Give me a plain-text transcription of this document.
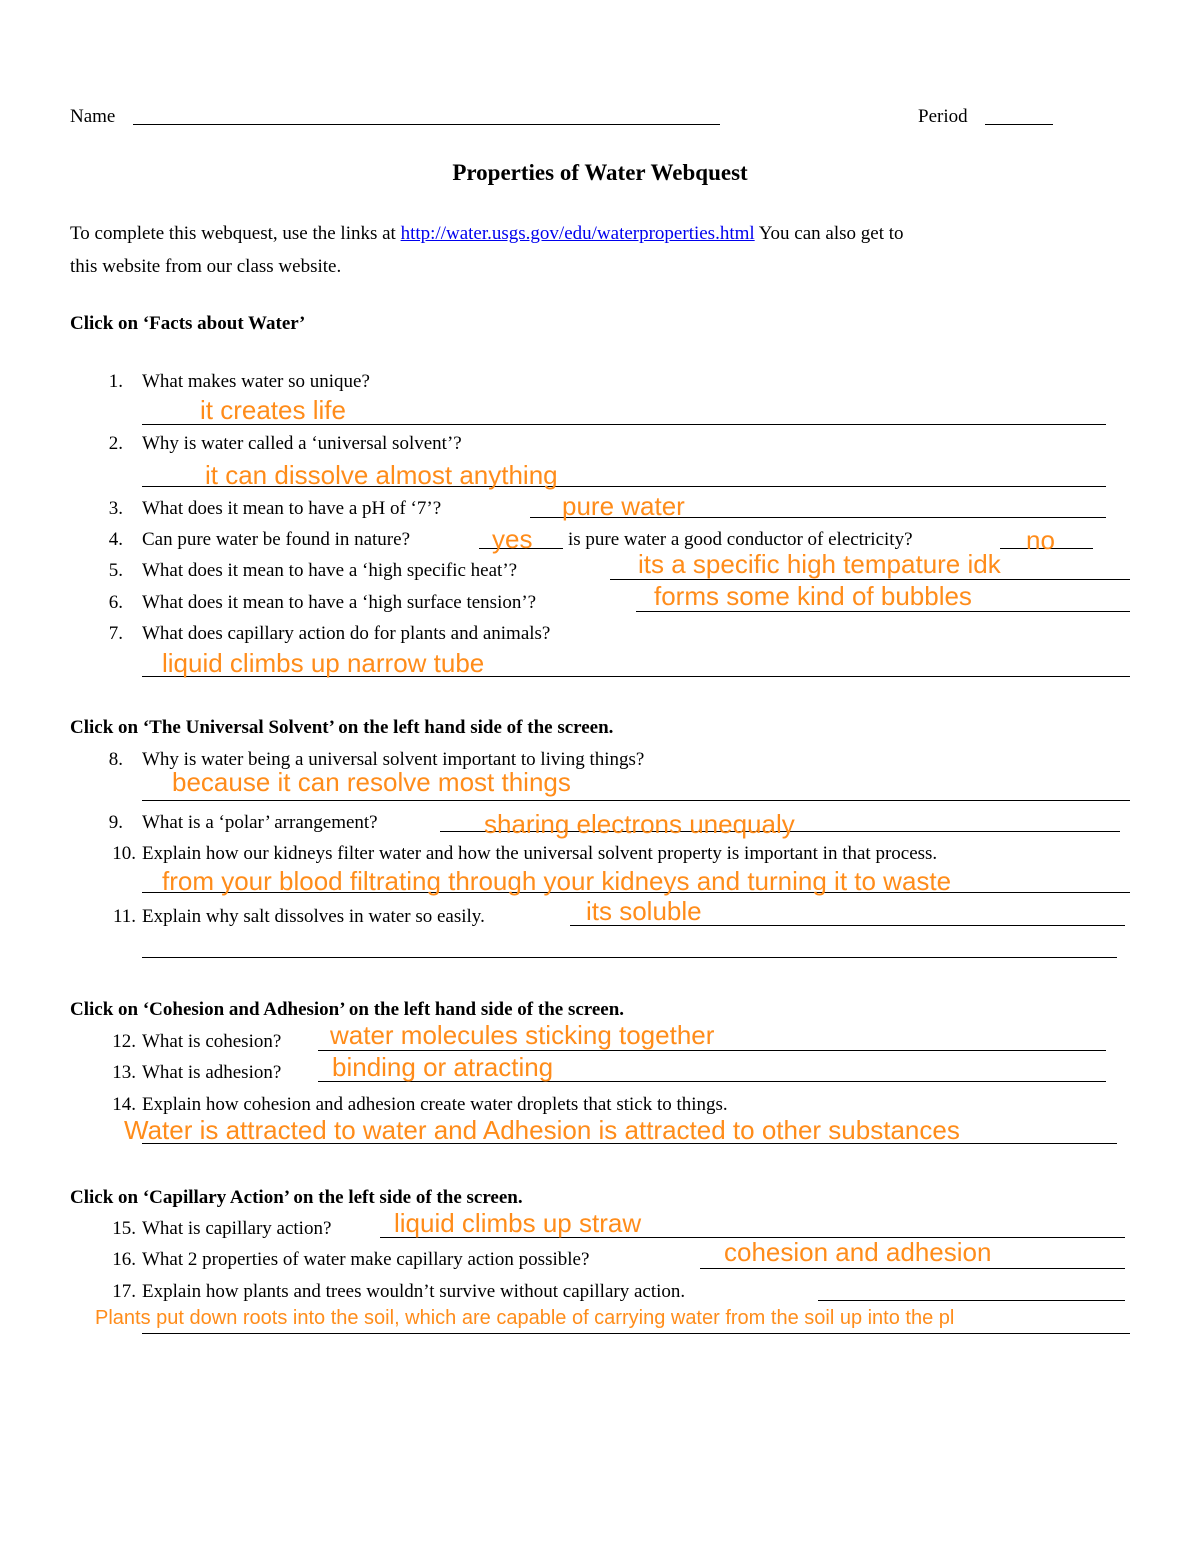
Name	Period
Properties of Water Webquest
To complete this webquest, use the links at http://water.usgs.gov/edu/waterproperties.html You can also get to
this website from our class website.
Click on ‘Facts about Water’
1. What makes water so unique?
it creates life
2. Why is water called a ‘universal solvent’?
it can dissolve almost anything
3. What does it mean to have a pH of ‘7’?	pure water
4. Can pure water be found in nature?	yes is pure water a good conductor of electricity?	no
5. What does it mean to have a ‘high specific heat’?	its a specific high tempature idk
6. What does it mean to have a ‘high surface tension’?	forms some kind of bubbles
7. What does capillary action do for plants and animals?
liquid climbs up narrow tube
Click on ‘The Universal Solvent’ on the left hand side of the screen.
8. Why is water being a universal solvent important to living things?
because it can resolve most things
9. What is a ‘polar’ arrangement?	sharing electrons unequaly
10. Explain how our kidneys filter water and how the universal solvent property is important in that process.
from your blood filtrating through your kidneys and turning it to waste
11. Explain why salt dissolves in water so easily.	its soluble
Click on ‘Cohesion and Adhesion’ on the left hand side of the screen.
12. What is cohesion? water molecules sticking together
13. What is adhesion? binding or atracting
14. Explain how cohesion and adhesion create water droplets that stick to things.
Water is attracted to water and Adhesion is attracted to other substances
Click on ‘Capillary Action’ on the left side of the screen.
15. What is capillary action? liquid climbs up straw
16. What 2 properties of water make capillary action possible?	cohesion and adhesion
17. Explain how plants and trees wouldn’t survive without capillary action.
Plants put down roots into the soil, which are capable of carrying water from the soil up into the pl
